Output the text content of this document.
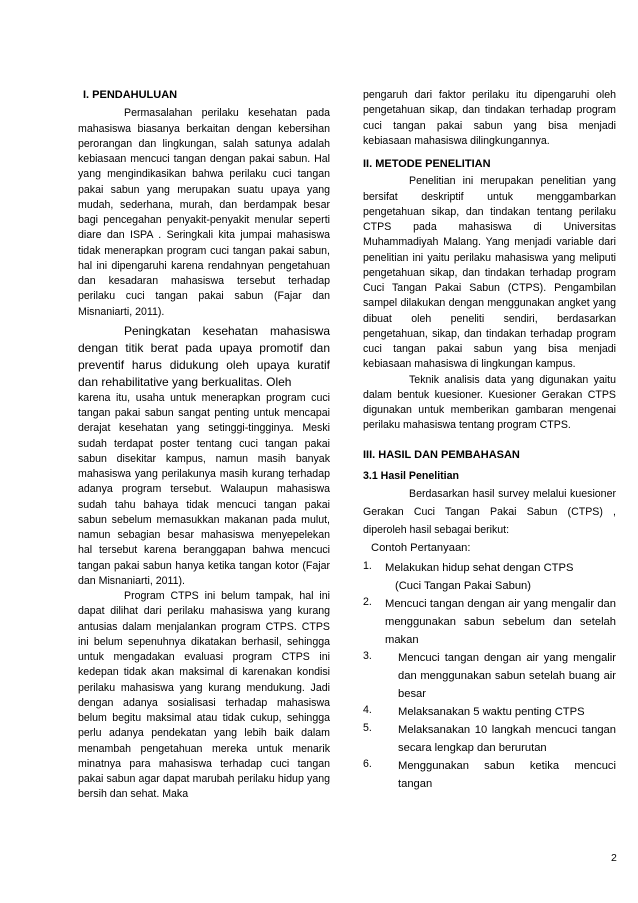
I. PENDAHULUAN

Permasalahan perilaku kesehatan pada mahasiswa biasanya berkaitan dengan kebersihan perorangan dan lingkungan, salah satunya adalah kebiasaan mencuci tangan dengan pakai sabun. Hal yang mengindikasikan bahwa perilaku cuci tangan pakai sabun yang merupakan suatu upaya yang mudah, sederhana, murah, dan berdampak besar bagi pencegahan penyakit-penyakit menular seperti diare dan ISPA . Seringkali kita jumpai mahasiswa tidak menerapkan program cuci tangan pakai sabun, hal ini dipengaruhi karena rendahnyan pengetahuan dan kesadaran mahasiswa tersebut terhadap perilaku cuci tangan pakai sabun (Fajar dan Misnaniarti, 2011).

Peningkatan kesehatan mahasiswa dengan titik berat pada upaya promotif dan preventif harus didukung oleh upaya kuratif dan rehabilitative yang berkualitas. Oleh

karena itu, usaha untuk menerapkan program cuci tangan pakai sabun sangat penting untuk mencapai derajat kesehatan yang setinggi-tingginya. Meski sudah terdapat poster tentang cuci tangan pakai sabun disekitar kampus, namun masih banyak mahasiswa yang perilakunya masih kurang terhadap adanya program tersebut. Walaupun mahasiswa sudah tahu bahaya tidak mencuci tangan pakai sabun sebelum memasukkan makanan pada mulut, namun sebagian besar mahasiswa menyepelekan hal tersebut karena beranggapan bahwa mencuci tangan pakai sabun hanya ketika tangan kotor (Fajar dan Misnaniarti, 2011).

Program CTPS ini belum tampak, hal ini dapat dilihat dari perilaku mahasiswa yang kurang antusias dalam menjalankan program CTPS. CTPS ini belum sepenuhnya dikatakan berhasil, sehingga untuk mengadakan evaluasi program CTPS ini kedepan tidak akan maksimal di karenakan kondisi perilaku mahasiswa yang kurang mendukung. Jadi dengan adanya sosialisasi terhadap mahasiswa belum begitu maksimal atau tidak cukup, sehingga perlu adanya pendekatan yang lebih baik dalam menambah pengetahuan mereka untuk menarik minatnya para mahasiswa terhadap cuci tangan pakai sabun agar dapat marubah perilaku hidup yang bersih dan sehat. Maka

pengaruh dari faktor perilaku itu dipengaruhi oleh pengetahuan sikap, dan tindakan terhadap program cuci tangan pakai sabun yang bisa menjadi kebiasaan mahasiswa dilingkungannya.

II. METODE PENELITIAN

Penelitian ini merupakan penelitian yang bersifat deskriptif untuk menggambarkan pengetahuan sikap, dan tindakan tentang perilaku CTPS pada mahasiswa di Universitas Muhammadiyah Malang. Yang menjadi variable dari penelitian ini yaitu perilaku mahasiswa yang meliputi pengetahuan sikap, dan tindakan terhadap program Cuci Tangan Pakai Sabun (CTPS). Pengambilan sampel dilakukan dengan menggunakan angket yang dibuat oleh peneliti sendiri, berdasarkan pengetahuan, sikap, dan tindakan terhadap program cuci tangan pakai sabun yang bisa menjadi kebiasaan mahasiswa di lingkungan kampus.

Teknik analisis data yang digunakan yaitu dalam bentuk kuesioner. Kuesioner Gerakan CTPS digunakan untuk memberikan gambaran mengenai perilaku mahasiswa tentang program CTPS.

III. HASIL DAN PEMBAHASAN

3.1 Hasil Penelitian

Berdasarkan hasil survey melalui kuesioner Gerakan Cuci Tangan Pakai Sabun (CTPS) , diperoleh hasil sebagai berikut:

Contoh Pertanyaan:
1.	Melakukan hidup sehat dengan CTPS
(Cuci Tangan Pakai Sabun)
2.	Mencuci tangan dengan air yang mengalir dan menggunakan sabun sebelum dan setelah makan
3.	Mencuci tangan dengan air yang mengalir dan menggunakan sabun setelah buang air besar
4.	Melaksanakan 5 waktu penting CTPS
5.	Melaksanakan 10 langkah mencuci tangan secara lengkap dan berurutan
6.	Menggunakan sabun ketika mencuci tangan
2
